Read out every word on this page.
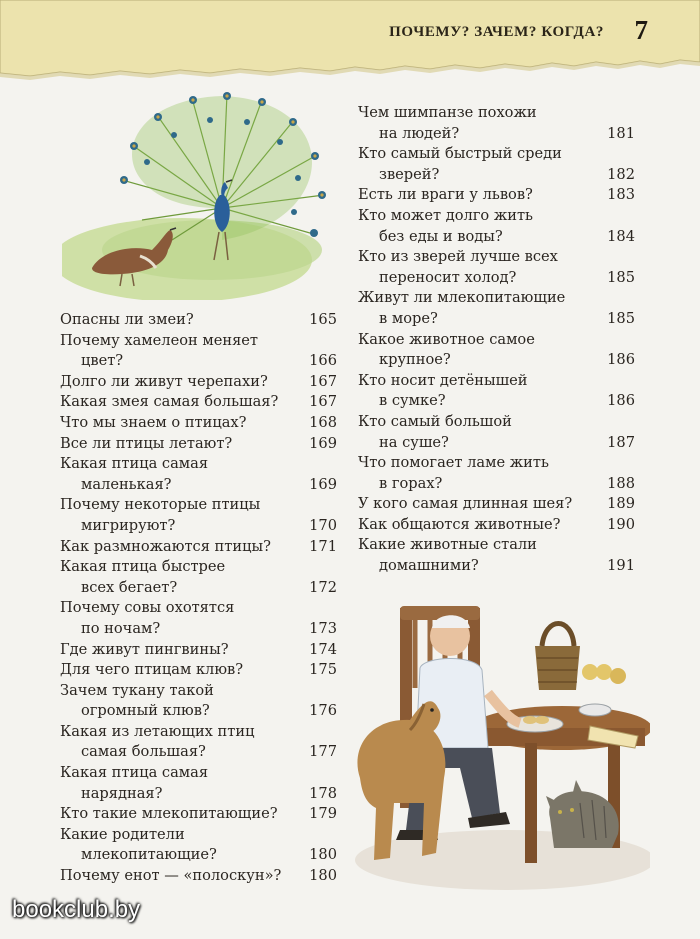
ПОЧЕМУ? ЗАЧЕМ? КОГДА? 7
Опасны ли змеи?	165
Почему хамелеон меняет
цвет?	166
Долго ли живут черепахи?	167
Какая змея самая большая?	167
Что мы знаем о птицах?	168
Все ли птицы летают?	169
Какая птица самая
маленькая?	169
Почему некоторые птицы
мигрируют?	170
Как размножаются птицы?	171
Какая птица быстрее
всех бегает?	172
Почему совы охотятся
по ночам?	173
Где живут пингвины?	174
Для чего птицам клюв?	175
Зачем тукану такой
огромный клюв?	176
Какая из летающих птиц
самая большая?	177
Какая птица самая
нарядная?	178
Кто такие млекопитающие?	179
Какие родители
млекопитающие?	180
Почему енот — «полоскун»?	180
Чем шимпанзе похожи
на людей?	181
Кто самый быстрый среди
зверей?	182
Есть ли враги у львов?	183
Кто может долго жить
без еды и воды?	184
Кто из зверей лучше всех
переносит холод?	185
Живут ли млекопитающие
в море?	185
Какое животное самое
крупное?	186
Кто носит детёнышей
в сумке?	186
Кто самый большой
на суше?	187
Что помогает ламе жить
в горах?	188
У кого самая длинная шея?	189
Как общаются животные?	190
Какие животные стали
домашними?	191
bookclub.by
